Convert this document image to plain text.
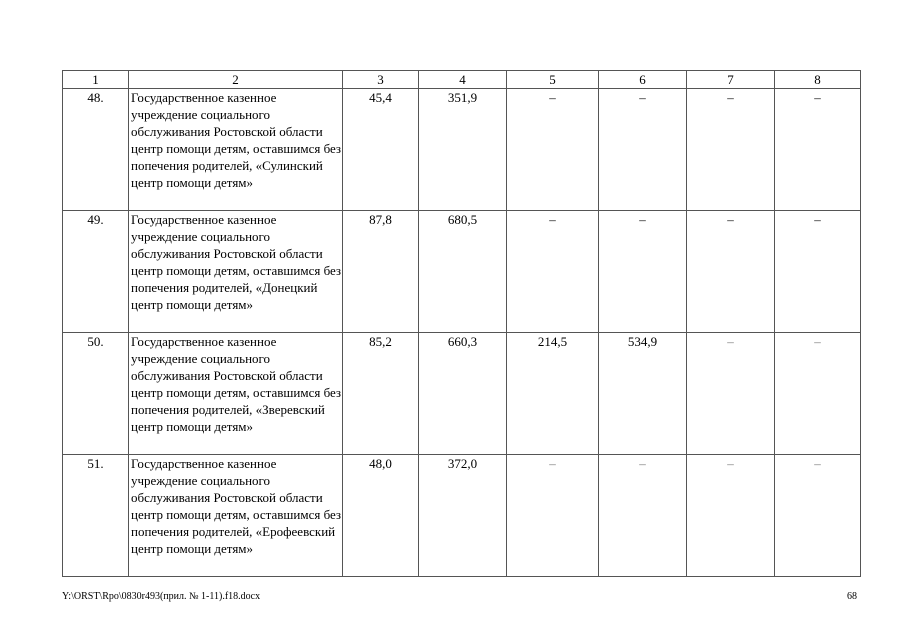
1	2	3	4	5	6	7	8
48.	Государственное казенное учреждение социального обслуживания Ростовской области центр помощи детям, оставшимся без попечения родителей, «Сулинский центр помощи детям»	45,4	351,9	–	–	–	–
49.	Государственное казенное учреждение социального обслуживания Ростовской области центр помощи детям, оставшимся без попечения родителей, «Донецкий центр помощи детям»	87,8	680,5	–	–	–	–
50.	Государственное казенное учреждение социального обслуживания Ростовской области центр помощи детям, оставшимся без попечения родителей, «Зверевский центр помощи детям»	85,2	660,3	214,5	534,9	–	–
51.	Государственное казенное учреждение социального обслуживания Ростовской области центр помощи детям, оставшимся без попечения родителей, «Ерофеевский центр помощи детям»	48,0	372,0	–	–	–	–
Y:\ORST\Rpo\0830r493(прил. № 1-11).f18.docx	68
